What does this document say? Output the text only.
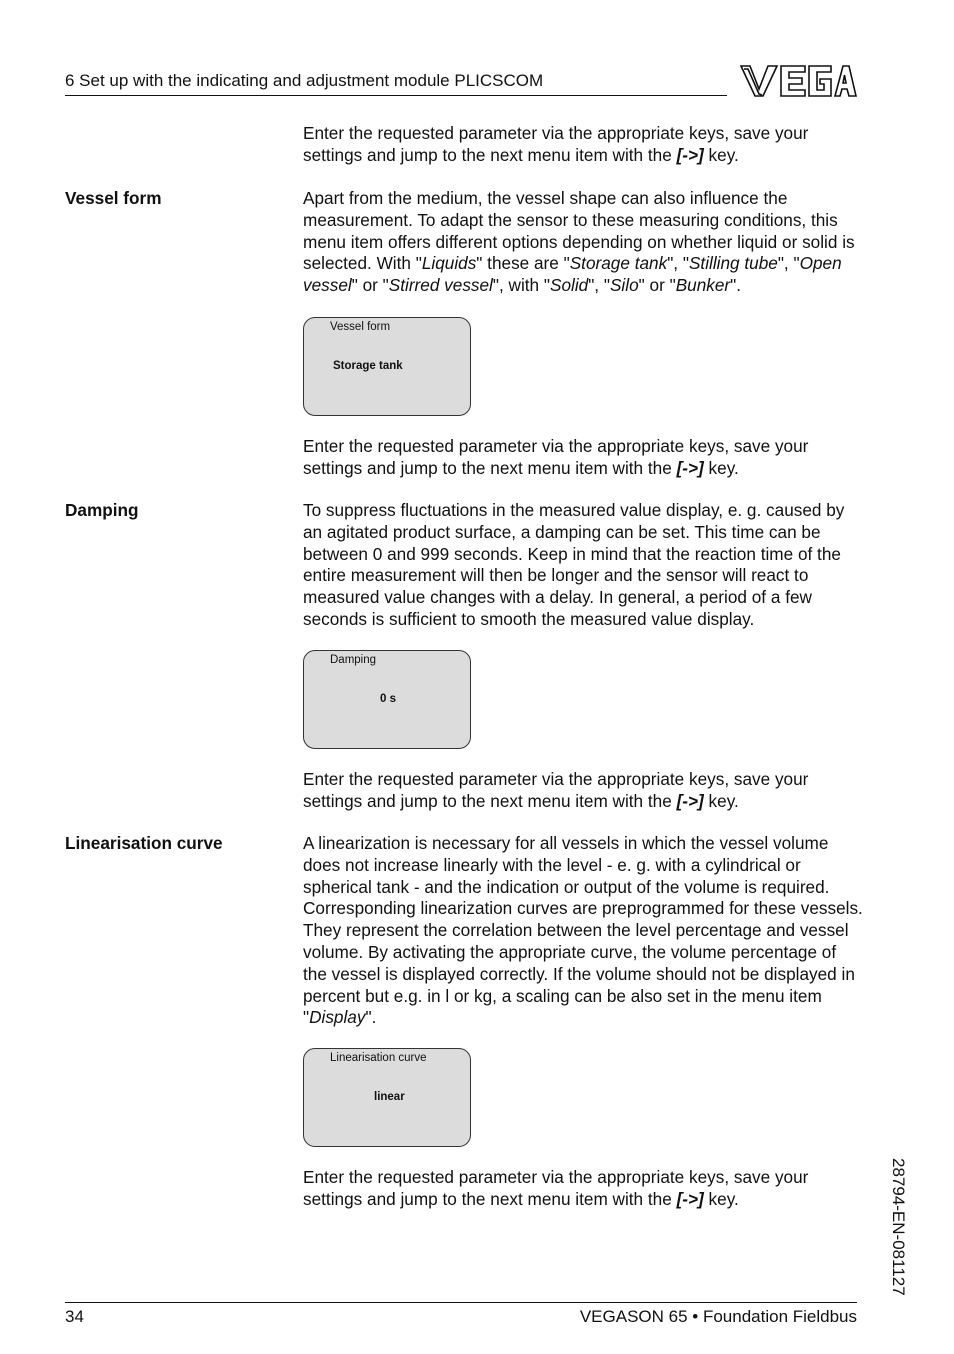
6 Set up with the indicating and adjustment module PLICSCOM

Enter the requested parameter via the appropriate keys, save your settings and jump to the next menu item with the [->] key.

Vessel form	Apart from the medium, the vessel shape can also influence the measurement. To adapt the sensor to these measuring conditions, this menu item offers different options depending on whether liquid or solid is selected. With "Liquids" these are "Storage tank", "Stilling tube", "Open vessel" or "Stirred vessel", with "Solid", "Silo" or "Bunker".

Vessel form
Storage tank

Enter the requested parameter via the appropriate keys, save your settings and jump to the next menu item with the [->] key.

Damping	To suppress fluctuations in the measured value display, e. g. caused by an agitated product surface, a damping can be set. This time can be between 0 and 999 seconds. Keep in mind that the reaction time of the entire measurement will then be longer and the sensor will react to measured value changes with a delay. In general, a period of a few seconds is sufficient to smooth the measured value display.

Damping
0 s

Enter the requested parameter via the appropriate keys, save your settings and jump to the next menu item with the [->] key.

Linearisation curve	A linearization is necessary for all vessels in which the vessel volume does not increase linearly with the level - e. g. with a cylindrical or spherical tank - and the indication or output of the volume is required. Corresponding linearization curves are preprogrammed for these vessels. They represent the correlation between the level percentage and vessel volume. By activating the appropriate curve, the volume percentage of the vessel is displayed correctly. If the volume should not be displayed in percent but e.g. in l or kg, a scaling can be also set in the menu item "Display".

Linearisation curve
linear

Enter the requested parameter via the appropriate keys, save your settings and jump to the next menu item with the [->] key.	28794-EN-081127
34	VEGASON 65 • Foundation Fieldbus
